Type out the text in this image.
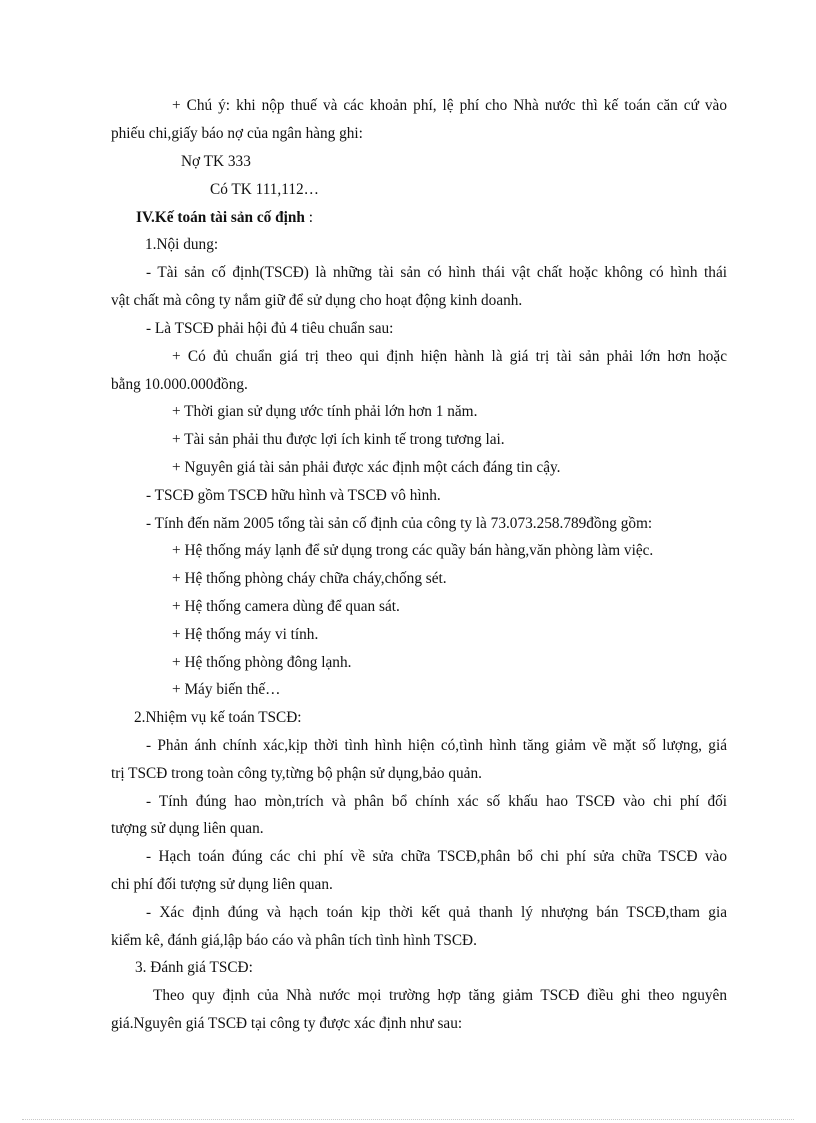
+ Chú ý: khi nộp thuế và các khoản phí, lệ phí cho Nhà nước thì kế toán căn cứ vào
phiếu chi,giấy báo nợ của ngân hàng ghi:
Nợ TK 333
Có TK 111,112…
IV.Kế toán tài sản cố định :
1.Nội dung:
- Tài sản cố định(TSCĐ) là những tài sản có hình thái vật chất hoặc không có hình thái
vật chất mà công ty nắm giữ để sử dụng cho hoạt động kinh doanh.
- Là TSCĐ phải hội đủ 4 tiêu chuẩn sau:
+ Có đủ chuẩn giá trị theo qui định hiện hành là giá trị tài sản phải lớn hơn hoặc
bằng 10.000.000đồng.
+ Thời gian sử dụng ước tính phải lớn hơn 1 năm.
+ Tài sản phải thu được lợi ích kinh tế trong tương lai.
+ Nguyên giá tài sản phải được xác định một cách đáng tin cậy.
- TSCĐ gồm TSCĐ hữu hình và TSCĐ vô hình.
- Tính đến năm 2005 tổng tài sản cố định của công ty là 73.073.258.789đồng gồm:
+ Hệ thống máy lạnh để sử dụng trong các quầy bán hàng,văn phòng làm việc.
+ Hệ thống phòng cháy chữa cháy,chống sét.
+ Hệ thống camera dùng để quan sát.
+ Hệ thống máy vi tính.
+ Hệ thống phòng đông lạnh.
+ Máy biến thế…
2.Nhiệm vụ kế toán TSCĐ:
- Phản ánh chính xác,kịp thời tình hình hiện có,tình hình tăng giảm về mặt số lượng, giá
trị TSCĐ trong toàn công ty,từng bộ phận sử dụng,bảo quản.
- Tính đúng hao mòn,trích và phân bổ chính xác số khấu hao TSCĐ vào chi phí đối
tượng sử dụng liên quan.
- Hạch toán đúng các chi phí về sửa chữa TSCĐ,phân bổ chi phí sửa chữa TSCĐ vào
chi phí đối tượng sử dụng liên quan.
- Xác định đúng và hạch toán kịp thời kết quả thanh lý nhượng bán TSCĐ,tham gia
kiểm kê, đánh giá,lập báo cáo và phân tích tình hình TSCĐ.
3. Đánh giá TSCĐ:
Theo quy định của Nhà nước mọi trường hợp tăng giảm TSCĐ điều ghi theo nguyên
giá.Nguyên giá TSCĐ tại công ty được xác định như sau:
